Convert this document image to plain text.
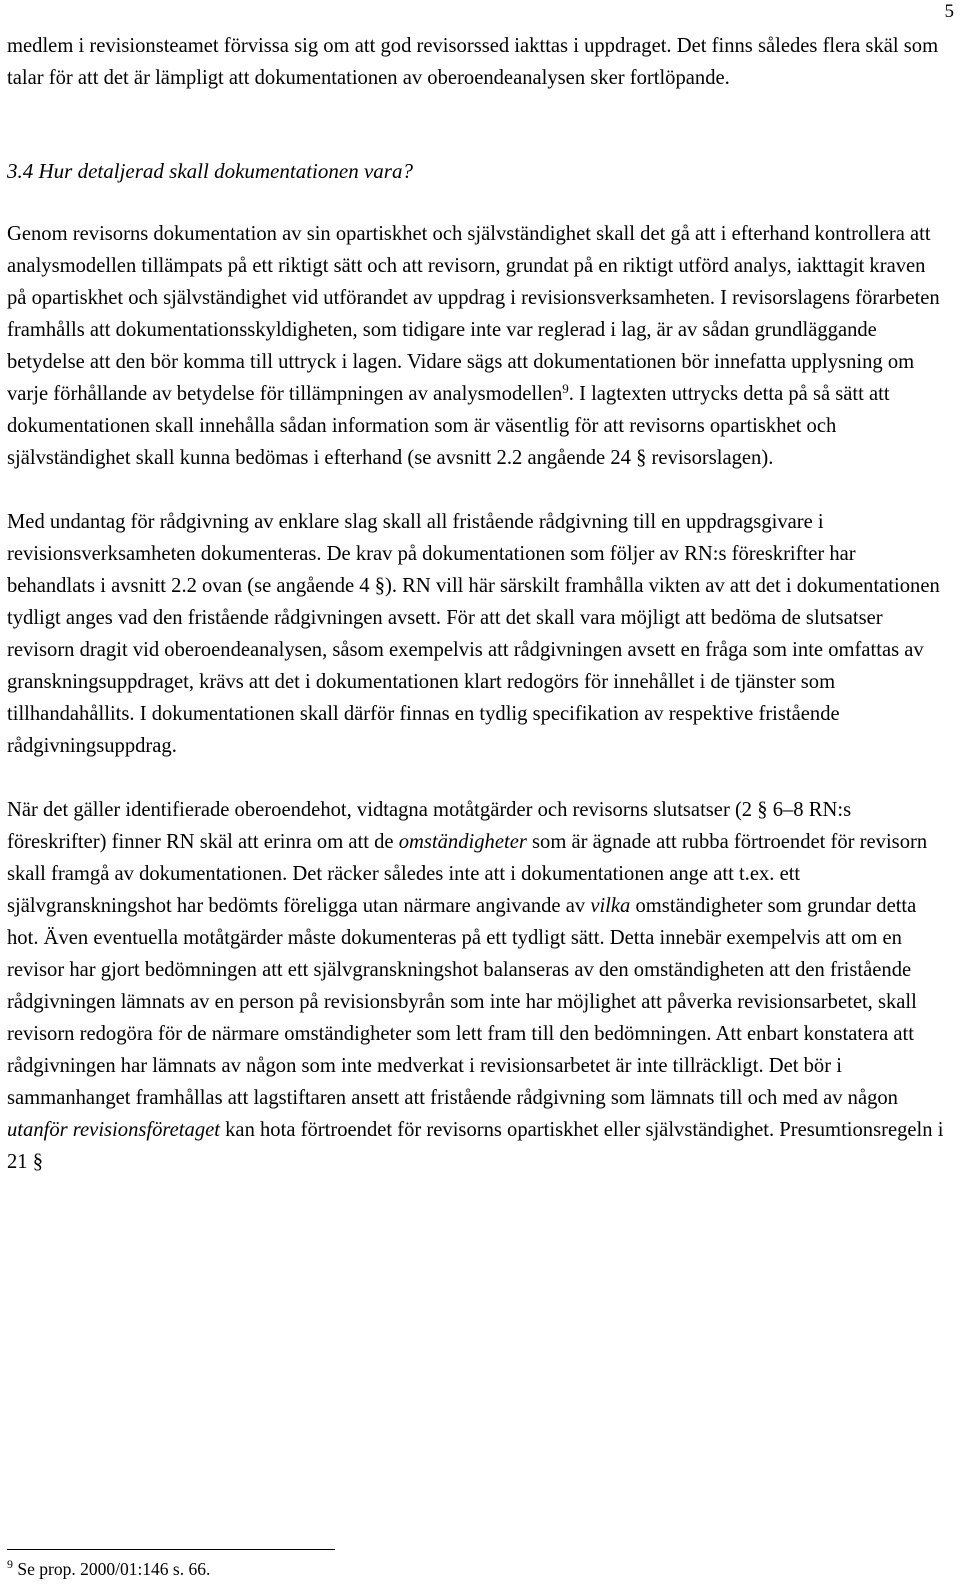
5

medlem i revisionsteamet förvissa sig om att god revisorssed iakttas i uppdraget. Det finns således flera skäl som talar för att det är lämpligt att dokumentationen av oberoendeanalysen sker fortlöpande.

3.4 Hur detaljerad skall dokumentationen vara?

Genom revisorns dokumentation av sin opartiskhet och självständighet skall det gå att i efterhand kontrollera att analysmodellen tillämpats på ett riktigt sätt och att revisorn, grundat på en riktigt utförd analys, iakttagit kraven på opartiskhet och självständighet vid utförandet av uppdrag i revisionsverksamheten. I revisorslagens förarbeten framhålls att dokumentationsskyldigheten, som tidigare inte var reglerad i lag, är av sådan grundläggande betydelse att den bör komma till uttryck i lagen. Vidare sägs att dokumentationen bör innefatta upplysning om varje förhållande av betydelse för tillämpningen av analysmodellen$^9$. I lagtexten uttrycks detta på så sätt att dokumentationen skall innehålla sådan information som är väsentlig för att revisorns opartiskhet och självständighet skall kunna bedömas i efterhand (se avsnitt 2.2 angående 24 § revisorslagen).

Med undantag för rådgivning av enklare slag skall all fristående rådgivning till en uppdragsgivare i revisionsverksamheten dokumenteras. De krav på dokumentationen som följer av RN:s föreskrifter har behandlats i avsnitt 2.2 ovan (se angående 4 §). RN vill här särskilt framhålla vikten av att det i dokumentationen tydligt anges vad den fristående rådgivningen avsett. För att det skall vara möjligt att bedöma de slutsatser revisorn dragit vid oberoendeanalysen, såsom exempelvis att rådgivningen avsett en fråga som inte omfattas av granskningsuppdraget, krävs att det i dokumentationen klart redogörs för innehållet i de tjänster som tillhandahållits. I dokumentationen skall därför finnas en tydlig specifikation av respektive fristående rådgivningsuppdrag.

När det gäller identifierade oberoendehot, vidtagna motåtgärder och revisorns slutsatser (2 § 6–8 RN:s föreskrifter) finner RN skäl att erinra om att de omständigheter som är ägnade att rubba förtroendet för revisorn skall framgå av dokumentationen. Det räcker således inte att i dokumentationen ange att t.ex. ett självgranskningshot har bedömts föreligga utan närmare angivande av vilka omständigheter som grundar detta hot. Även eventuella motåtgärder måste dokumenteras på ett tydligt sätt. Detta innebär exempelvis att om en revisor har gjort bedömningen att ett självgranskningshot balanseras av den omständigheten att den fristående rådgivningen lämnats av en person på revisionsbyrån som inte har möjlighet att påverka revisionsarbetet, skall revisorn redogöra för de närmare omständigheter som lett fram till den bedömningen. Att enbart konstatera att rådgivningen har lämnats av någon som inte medverkat i revisionsarbetet är inte tillräckligt. Det bör i sammanhanget framhållas att lagstiftaren ansett att fristående rådgivning som lämnats till och med av någon utanför revisionsföretaget kan hota förtroendet för revisorns opartiskhet eller självständighet. Presumtionsregeln i 21 §

$^9$ Se prop. 2000/01:146 s. 66.
